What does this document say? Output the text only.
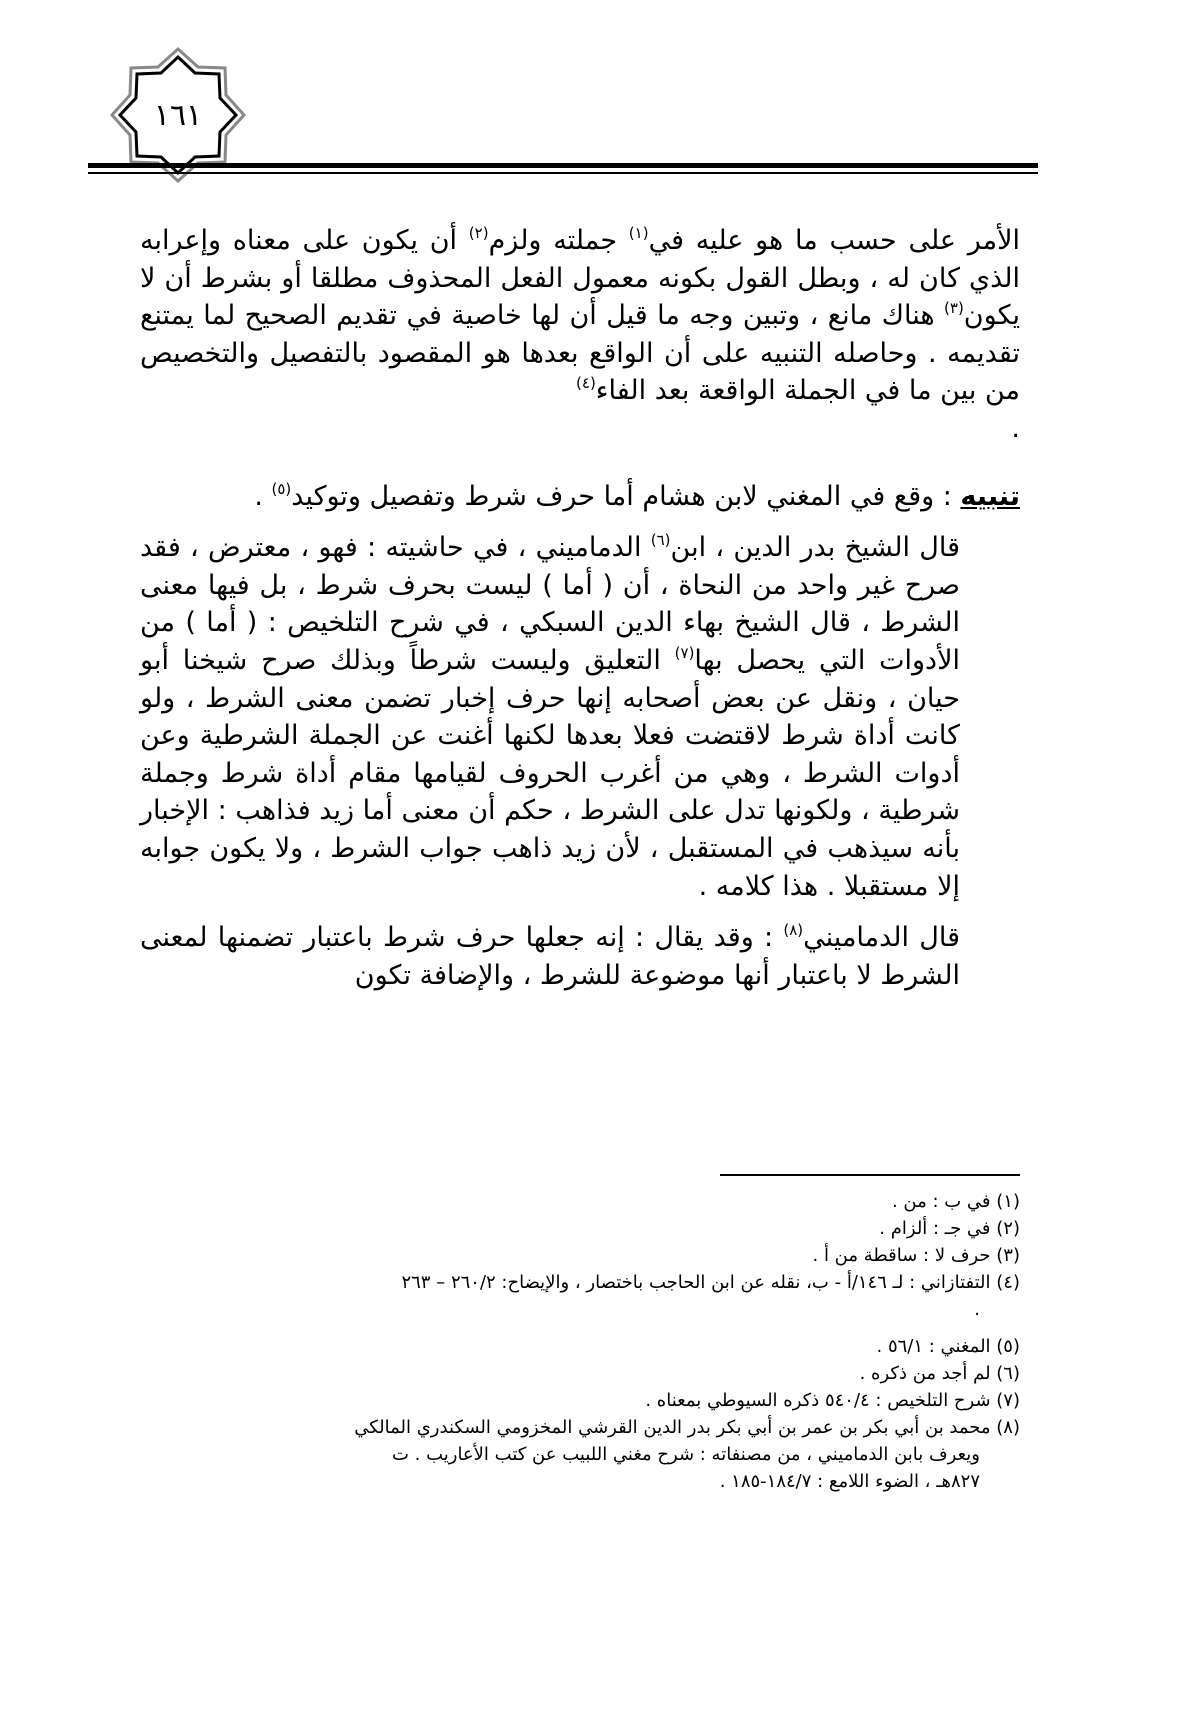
١٦١

الأمر على حسب ما هو عليه في$^{(١)}$ جملته ولزم$^{(٢)}$ أن يكون على معناه وإعرابه الذي كان له ، وبطل القول بكونه معمول الفعل المحذوف مطلقا أو بشرط أن لا يكون$^{(٣)}$ هناك مانع ، وتبين وجه ما قيل أن لها خاصية في تقديم الصحيح لما يمتنع تقديمه . وحاصله التنبيه على أن الواقع بعدها هو المقصود بالتفصيل والتخصيص من بين ما في الجملة الواقعة بعد الفاء$^{(٤)}$

.

تنبيه : وقع في المغني لابن هشام أما حرف شرط وتفصيل وتوكيد$^{(٥)}$ .

قال الشيخ بدر الدين ، ابن$^{(٦)}$ الدماميني ، في حاشيته : فهو ، معترض ، فقد صرح غير واحد من النحاة ، أن ( أما ) ليست بحرف شرط ، بل فيها معنى الشرط ، قال الشيخ بهاء الدين السبكي ، في شرح التلخيص : ( أما ) من الأدوات التي يحصل بها$^{(٧)}$ التعليق وليست شرطاً وبذلك صرح شيخنا أبو حيان ، ونقل عن بعض أصحابه إنها حرف إخبار تضمن معنى الشرط ، ولو كانت أداة شرط لاقتضت فعلا بعدها لكنها أغنت عن الجملة الشرطية وعن أدوات الشرط ، وهي من أغرب الحروف لقيامها مقام أداة شرط وجملة شرطية ، ولكونها تدل على الشرط ، حكم أن معنى أما زيد فذاهب : الإخبار بأنه سيذهب في المستقبل ، لأن زيد ذاهب جواب الشرط ، ولا يكون جوابه إلا مستقبلا . هذا كلامه .

قال الدماميني$^{(٨)}$ : وقد يقال : إنه جعلها حرف شرط باعتبار تضمنها لمعنى الشرط لا باعتبار أنها موضوعة للشرط ، والإضافة تكون

(١) في ب : من .

(٢) في جـ : ألزام .

(٣) حرف لا : ساقطة من أ .

(٤) التفتازاني : لـ ١٤٦/أ - ب، نقله عن ابن الحاجب باختصار ، والإيضاح: ٢٦٠/٢ – ٢٦٣

.

(٥) المغني : ٥٦/١ .

(٦) لم أجد من ذكره .

(٧) شرح التلخيص : ٥٤٠/٤ ذكره السيوطي بمعناه .

(٨) محمد بن أبي بكر بن عمر بن أبي بكر بدر الدين القرشي المخزومي السكندري المالكي

ويعرف بابن الدماميني ، من مصنفاته : شرح مغني اللبيب عن كتب الأعاريب . ت

٨٢٧هـ ، الضوء اللامع : ١٨٤/٧-١٨٥ .
